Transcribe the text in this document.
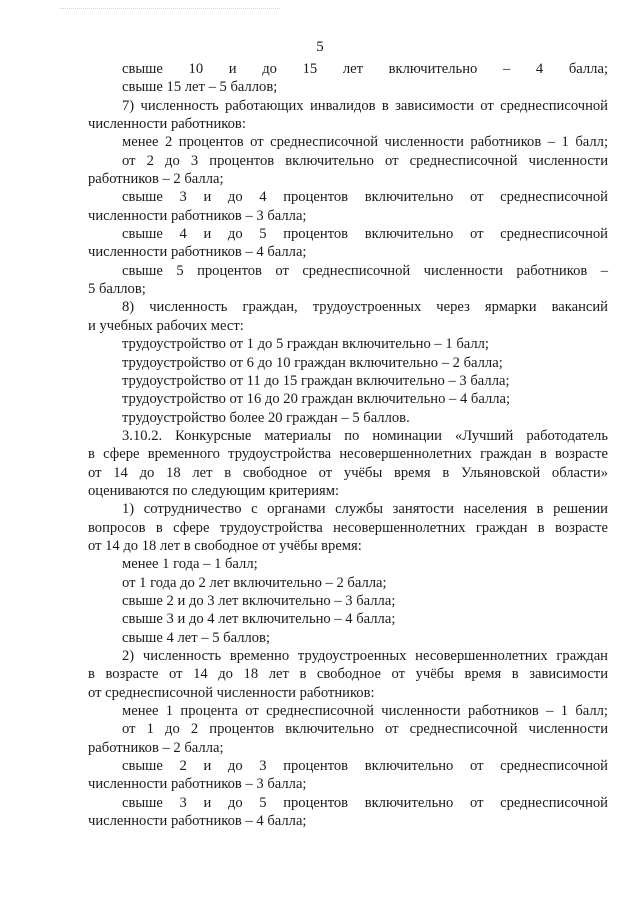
5

свыше 10 и до 15 лет включительно – 4 балла;

свыше 15 лет – 5 баллов;

7) численность работающих инвалидов в зависимости от среднесписочной

численности работников:

менее 2 процентов от среднесписочной численности работников – 1 балл;

от 2 до 3 процентов включительно от среднесписочной численности

работников – 2 балла;

свыше 3 и до 4 процентов включительно от среднесписочной

численности работников – 3 балла;

свыше 4 и до 5 процентов включительно от среднесписочной

численности работников – 4 балла;

свыше 5 процентов от среднесписочной численности работников –

5 баллов;

8) численность граждан, трудоустроенных через ярмарки вакансий

и учебных рабочих мест:

трудоустройство от 1 до 5 граждан включительно – 1 балл;

трудоустройство от 6 до 10 граждан включительно – 2 балла;

трудоустройство от 11 до 15 граждан включительно – 3 балла;

трудоустройство от 16 до 20 граждан включительно – 4 балла;

трудоустройство более 20 граждан – 5 баллов.

3.10.2. Конкурсные материалы по номинации «Лучший работодатель

в сфере временного трудоустройства несовершеннолетних граждан в возрасте

от 14 до 18 лет в свободное от учёбы время в Ульяновской области»

оцениваются по следующим критериям:

1) сотрудничество с органами службы занятости населения в решении

вопросов в сфере трудоустройства несовершеннолетних граждан в возрасте

от 14 до 18 лет в свободное от учёбы время:

менее 1 года – 1 балл;

от 1 года до 2 лет включительно – 2 балла;

свыше 2 и до 3 лет включительно – 3 балла;

свыше 3 и до 4 лет включительно – 4 балла;

свыше 4 лет – 5 баллов;

2) численность временно трудоустроенных несовершеннолетних граждан

в возрасте от 14 до 18 лет в свободное от учёбы время в зависимости

от среднесписочной численности работников:

менее 1 процента от среднесписочной численности работников – 1 балл;

от 1 до 2 процентов включительно от среднесписочной численности

работников – 2 балла;

свыше 2 и до 3 процентов включительно от среднесписочной

численности работников – 3 балла;

свыше 3 и до 5 процентов включительно от среднесписочной

численности работников – 4 балла;
